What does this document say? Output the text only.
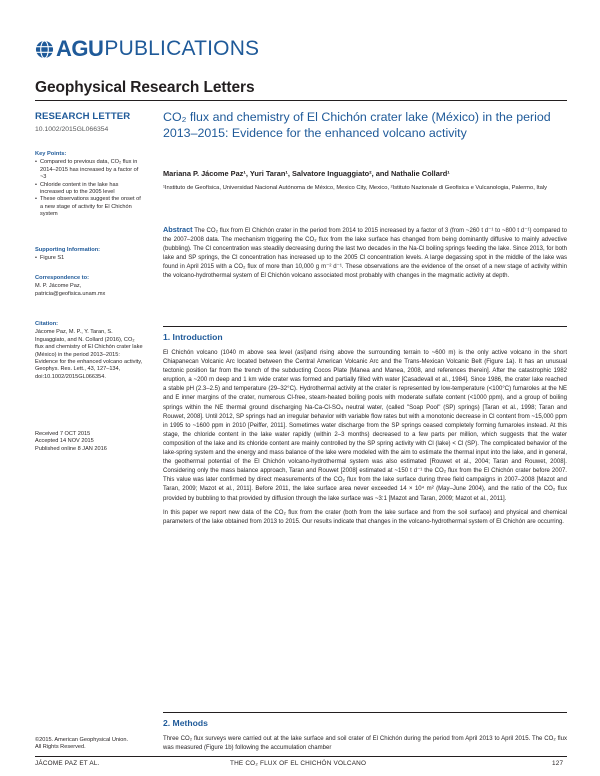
AGU PUBLICATIONS
Geophysical Research Letters
RESEARCH LETTER
10.1002/2015GL066354
Key Points:
• Compared to previous data, CO₂ flux in 2014–2015 has increased by a factor of ~3
• Chloride content in the lake has increased up to the 2005 level
• These observations suggest the onset of a new stage of activity for El Chichón system
Supporting Information:
• Figure S1
Correspondence to:
M. P. Jácome Paz,
patricia@geofisica.unam.mx
Citation:
Jácome Paz, M. P., Y. Taran, S. Inguaggiato, and N. Collard (2016), CO₂ flux and chemistry of El Chichón crater lake (México) in the period 2013–2015: Evidence for the enhanced volcano activity, Geophys. Res. Lett., 43, 127–134, doi:10.1002/2015GL066354.
Received 7 OCT 2015
Accepted 14 NOV 2015
Published online 8 JAN 2016
©2015. American Geophysical Union.
All Rights Reserved.
CO₂ flux and chemistry of El Chichón crater lake (México) in the period 2013–2015: Evidence for the enhanced volcano activity
Mariana P. Jácome Paz¹, Yuri Taran¹, Salvatore Inguaggiato², and Nathalie Collard¹
¹Instituto de Geofísica, Universidad Nacional Autónoma de México, Mexico City, Mexico, ²Istituto Nazionale di Geofisica e Vulcanologia, Palermo, Italy
Abstract The CO₂ flux from El Chichón crater in the period from 2014 to 2015 increased by a factor of 3 (from ~260 t d⁻¹ to ~800 t d⁻¹) compared to the 2007–2008 data. The mechanism triggering the CO₂ flux from the lake surface has changed from being dominantly diffusive to mainly advective (bubbling). The Cl concentration was steadily decreasing during the last two decades in the Na-Cl boiling springs feeding the lake. Since 2013, for both lake and SP springs, the Cl concentration has increased up to the 2005 Cl concentration levels. A large degassing spot in the middle of the lake was found in April 2015 with a CO₂ flux of more than 10,000 g m⁻² d⁻¹. These observations are the evidence of the onset of a new stage of activity within the volcano-hydrothermal system of El Chichón volcano associated most probably with changes in the magmatic activity at depth.
1. Introduction

El Chichón volcano (1040 m above sea level (asl)and rising above the surrounding terrain to ~600 m) is the only active volcano in the short Chiapanecan Volcanic Arc located between the Central American Volcanic Arc and the Trans-Mexican Volcanic Belt (Figure 1a). It has an unusual tectonic position far from the trench of the subducting Cocos Plate [Manea and Manea, 2008, and references therein]. After the catastrophic 1982 eruption, a ~200 m deep and 1 km wide crater was formed and partially filled with water [Casadevall et al., 1984]. Since 1986, the crater lake reached a stable pH (2.3–2.5) and temperature (29–32°C). Hydrothermal activity at the crater is represented by low-temperature (<100°C) fumaroles at the NE and E inner margins of the crater, numerous Cl-free, steam-heated boiling pools with moderate sulfate content (<1000 ppm), and a group of boiling springs within the NE thermal ground discharging Na-Ca-Cl-SO₄ neutral water, (called "Soap Pool" (SP) springs) [Taran et al., 1998; Taran and Rouwet, 2008]. Until 2012, SP springs had an irregular behavior with variable flow rates but with a monotonic decrease in Cl content from ~15,000 ppm in 1995 to ~1600 ppm in 2010 [Peiffer, 2011]. Sometimes water discharge from the SP springs ceased completely forming fumaroles instead. At this stage, the chloride content in the lake water rapidly (within 2–3 months) decreased to a few parts per million, which suggests that the water composition of the lake and its chloride content are mainly controlled by the SP spring activity with Cl (lake) < Cl (SP). The complicated behavior of the lake-spring system and the energy and mass balance of the lake were modeled with the aim to estimate the thermal input into the lake, and in general, the geothermal potential of the El Chichón volcano-hydrothermal system was also estimated [Rouwet et al., 2004; Taran and Rouwet, 2008]. Considering only the mass balance approach, Taran and Rouwet [2008] estimated at ~150 t d⁻¹ the CO₂ flux from the El Chichón crater before 2007. This value was later confirmed by direct measurements of the CO₂ flux from the lake surface during three field campaigns in 2007–2008 [Mazot and Taran, 2009; Mazot et al., 2011]. Before 2011, the lake surface area never exceeded 14 × 10⁴ m² (May–June 2004), and the ratio of the CO₂ flux provided by bubbling to that provided by diffusion through the lake surface was ~3:1 [Mazot and Taran, 2009; Mazot et al., 2011].

In this paper we report new data of the CO₂ flux from the crater (both from the lake surface and from the soil surface) and physical and chemical parameters of the lake obtained from 2013 to 2015. Our results indicate that changes in the volcano-hydrothermal system of El Chichón are occurring.

2. Methods

Three CO₂ flux surveys were carried out at the lake surface and soil crater of El Chichón during the period from April 2013 to April 2015. The CO₂ flux was measured (Figure 1b) following the accumulation chamber

JÁCOME PAZ ET AL.	THE CO₂ FLUX OF EL CHICHÓN VOLCANO	127
